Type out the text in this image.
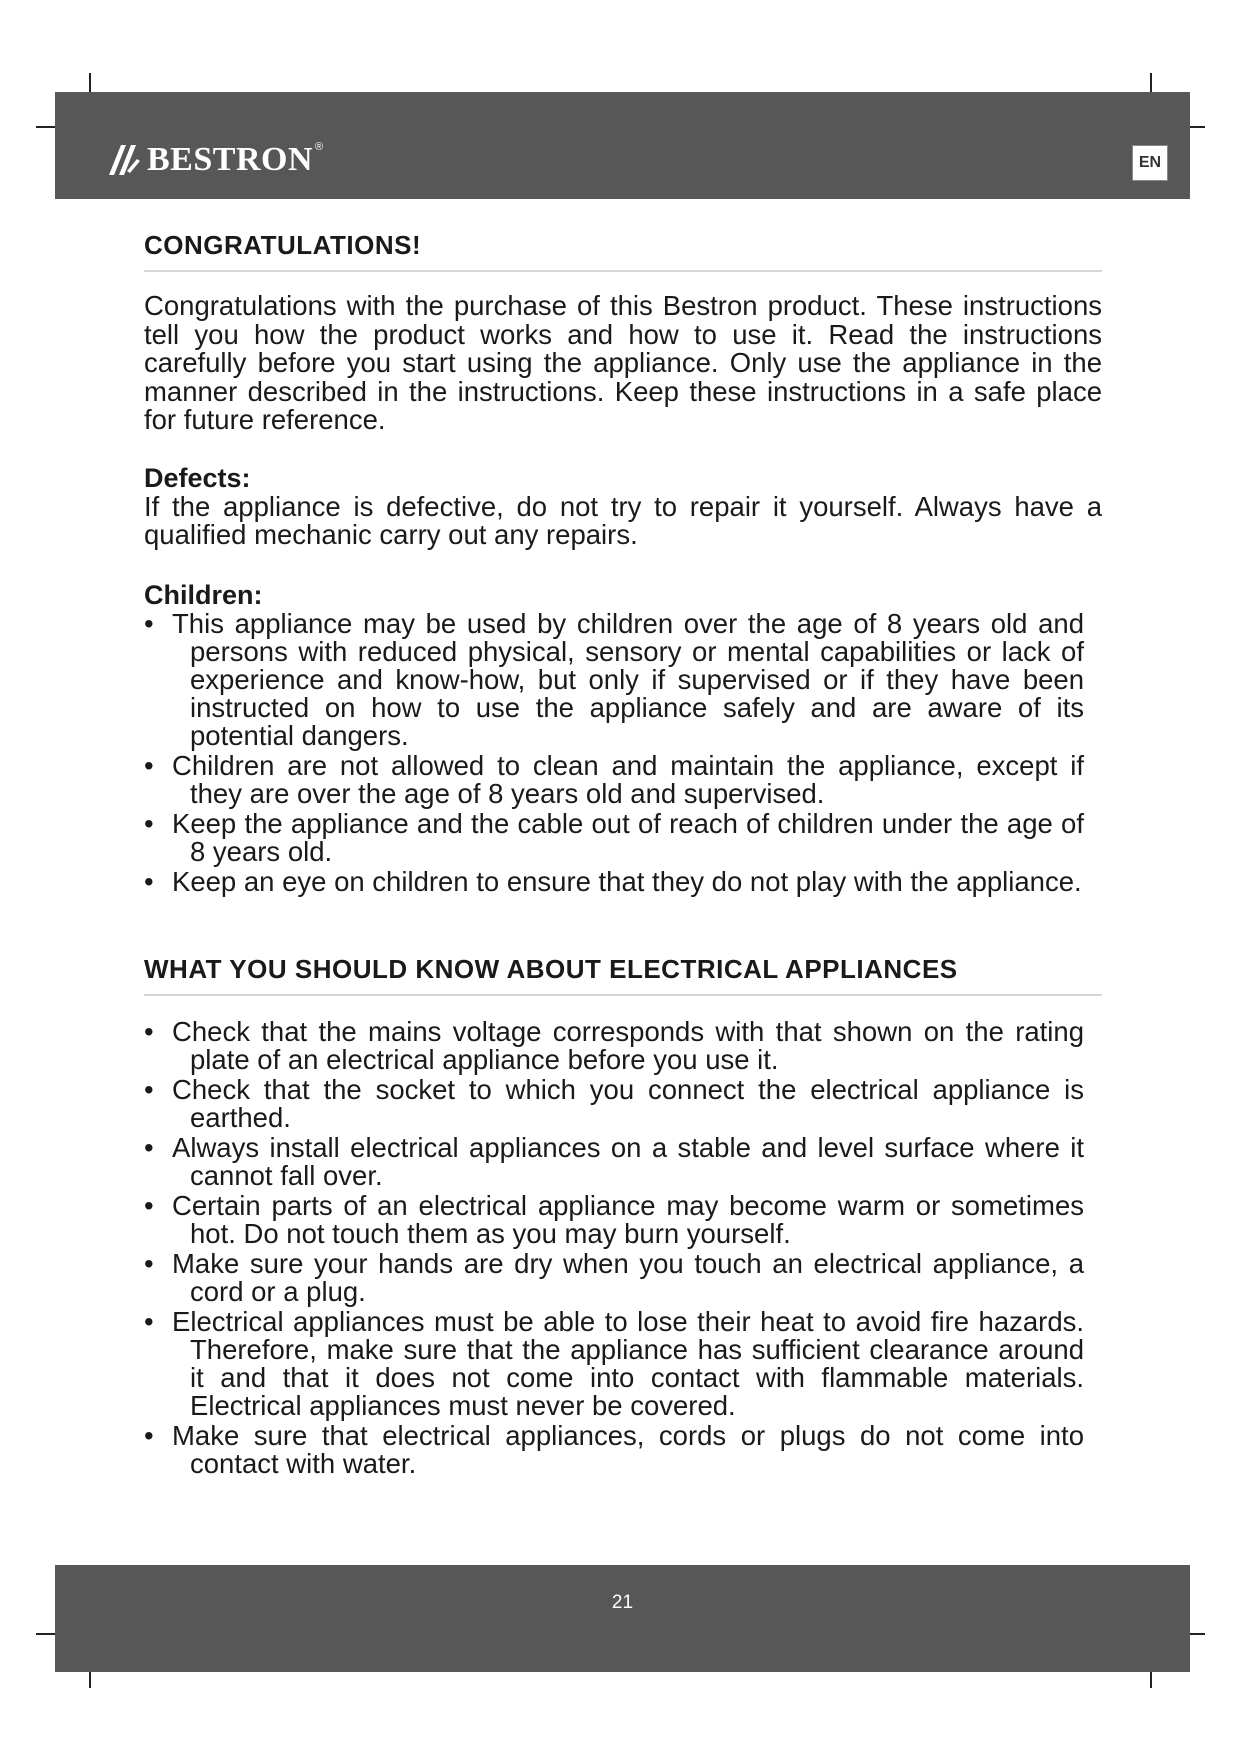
BESTRON ®
EN
CONGRATULATIONS!

Congratulations with the purchase of this Bestron product. These instructions tell you how the product works and how to use it. Read the instructions carefully before you start using the appliance. Only use the appliance in the manner described in the instructions. Keep these instructions in a safe place for future reference.

Defects:

If the appliance is defective, do not try to repair it yourself. Always have a qualified mechanic carry out any repairs.

Children:
• This appliance may be used by children over the age of 8 years old and persons with reduced physical, sensory or mental capabilities or lack of experience and know-how, but only if supervised or if they have been instructed on how to use the appliance safely and are aware of its potential dangers.
• Children are not allowed to clean and maintain the appliance, except if they are over the age of 8 years old and supervised.
• Keep the appliance and the cable out of reach of children under the age of 8 years old.
• Keep an eye on children to ensure that they do not play with the appliance.
WHAT YOU SHOULD KNOW ABOUT ELECTRICAL APPLIANCES
• Check that the mains voltage corresponds with that shown on the rating plate of an electrical appliance before you use it.
• Check that the socket to which you connect the electrical appliance is earthed.
• Always install electrical appliances on a stable and level surface where it cannot fall over.
• Certain parts of an electrical appliance may become warm or sometimes hot. Do not touch them as you may burn yourself.
• Make sure your hands are dry when you touch an electrical appliance, a cord or a plug.
• Electrical appliances must be able to lose their heat to avoid fire hazards. Therefore, make sure that the appliance has sufficient clearance around it and that it does not come into contact with flammable materials. Electrical appliances must never be covered.
• Make sure that electrical appliances, cords or plugs do not come into contact with water.
21
